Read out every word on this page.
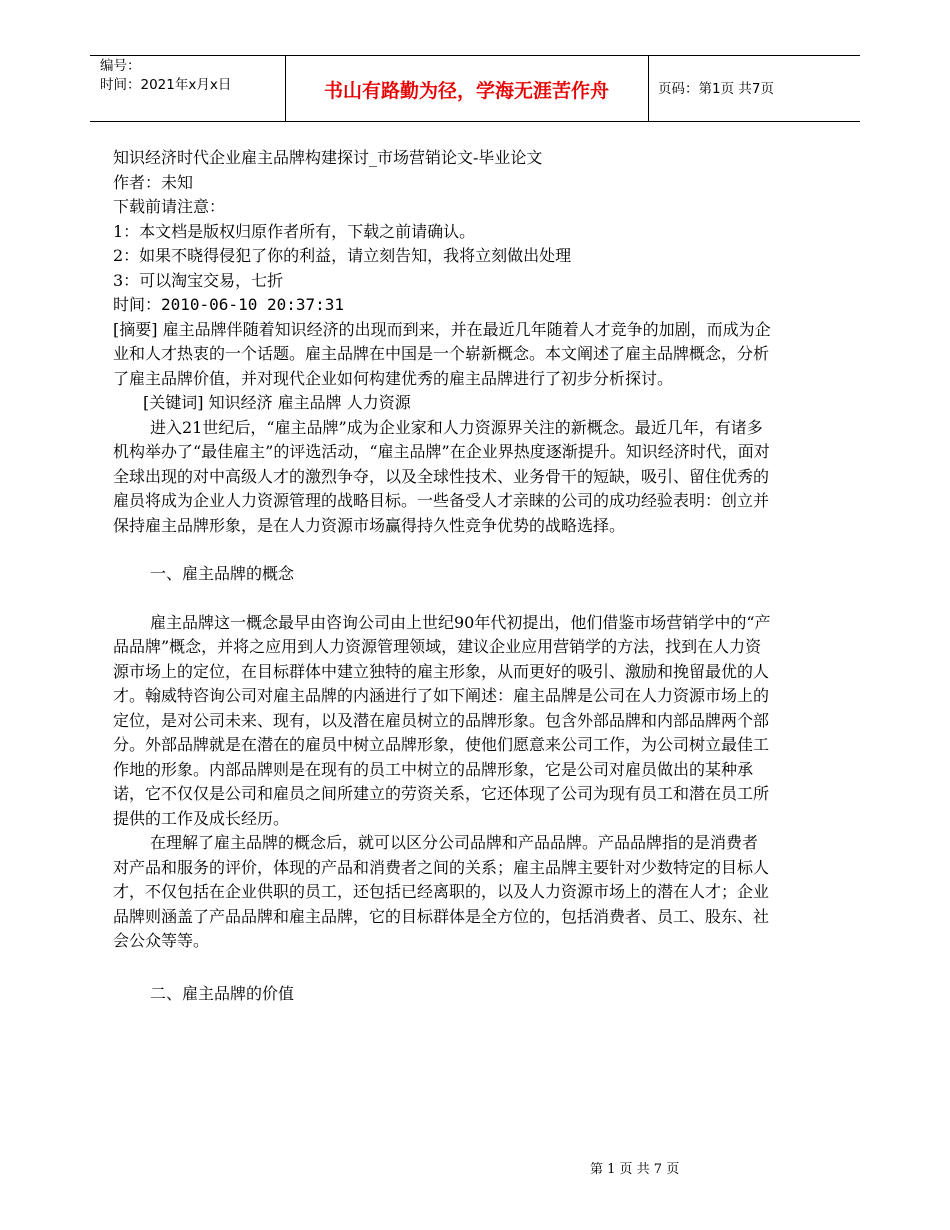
编号：
时间：2021年x月x日	书山有路勤为径，学海无涯苦作舟	页码：第1页 共7页

知识经济时代企业雇主品牌构建探讨_市场营销论文-毕业论文

作者：未知

下载前请注意：

1：本文档是版权归原作者所有，下载之前请确认。

2：如果不晓得侵犯了你的利益，请立刻告知，我将立刻做出处理

3：可以淘宝交易，七折

时间：2010-06-10 20:37:31

[摘要] 雇主品牌伴随着知识经济的出现而到来，并在最近几年随着人才竞争的加剧，而成为企业和人才热衷的一个话题。雇主品牌在中国是一个崭新概念。本文阐述了雇主品牌概念，分析了雇主品牌价值，并对现代企业如何构建优秀的雇主品牌进行了初步分析探讨。

[关键词] 知识经济 雇主品牌 人力资源

进入21世纪后，“雇主品牌”成为企业家和人力资源界关注的新概念。最近几年，有诸多机构举办了“最佳雇主”的评选活动，“雇主品牌”在企业界热度逐渐提升。知识经济时代，面对全球出现的对中高级人才的激烈争夺，以及全球性技术、业务骨干的短缺，吸引、留住优秀的雇员将成为企业人力资源管理的战略目标。一些备受人才亲睐的公司的成功经验表明：创立并保持雇主品牌形象，是在人力资源市场赢得持久性竞争优势的战略选择。

一、雇主品牌的概念

雇主品牌这一概念最早由咨询公司由上世纪90年代初提出，他们借鉴市场营销学中的“产品品牌”概念，并将之应用到人力资源管理领域，建议企业应用营销学的方法，找到在人力资源市场上的定位，在目标群体中建立独特的雇主形象，从而更好的吸引、激励和挽留最优的人才。翰威特咨询公司对雇主品牌的内涵进行了如下阐述：雇主品牌是公司在人力资源市场上的定位，是对公司未来、现有，以及潜在雇员树立的品牌形象。包含外部品牌和内部品牌两个部分。外部品牌就是在潜在的雇员中树立品牌形象，使他们愿意来公司工作，为公司树立最佳工作地的形象。内部品牌则是在现有的员工中树立的品牌形象，它是公司对雇员做出的某种承诺，它不仅仅是公司和雇员之间所建立的劳资关系，它还体现了公司为现有员工和潜在员工所提供的工作及成长经历。

在理解了雇主品牌的概念后，就可以区分公司品牌和产品品牌。产品品牌指的是消费者对产品和服务的评价，体现的产品和消费者之间的关系；雇主品牌主要针对少数特定的目标人才，不仅包括在企业供职的员工，还包括已经离职的，以及人力资源市场上的潜在人才；企业品牌则涵盖了产品品牌和雇主品牌，它的目标群体是全方位的，包括消费者、员工、股东、社会公众等等。

二、雇主品牌的价值

第 1 页 共 7 页
